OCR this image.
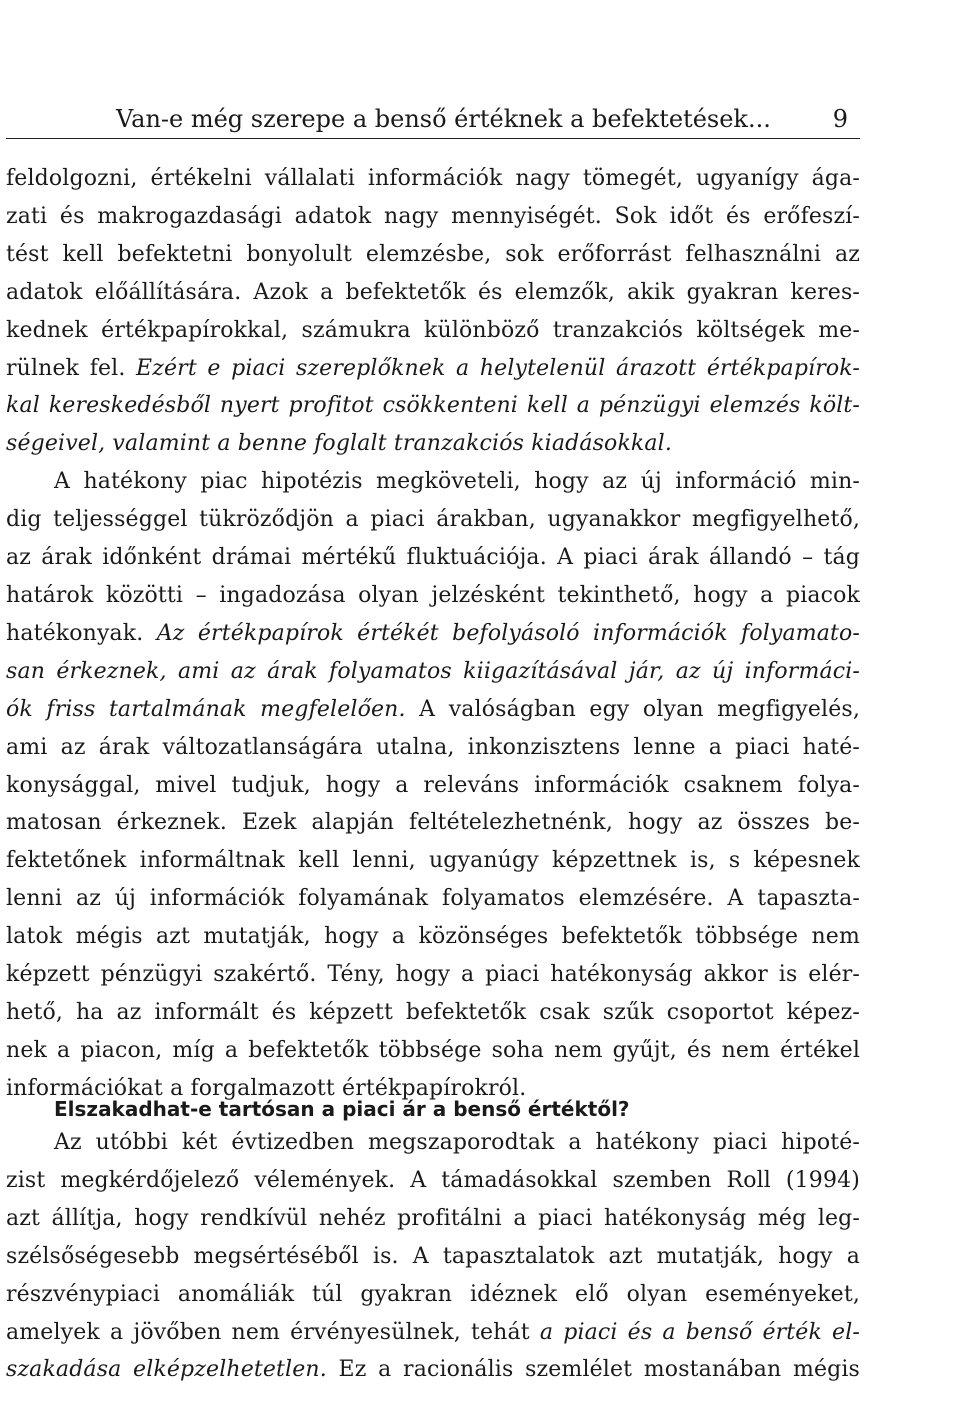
Van-e még szerepe a benső értéknek a befektetések...	9
feldolgozni, értékelni vállalati információk nagy tömegét, ugyanígy ága-
zati és makrogazdasági adatok nagy mennyiségét. Sok időt és erőfeszí-
tést kell befektetni bonyolult elemzésbe, sok erőforrást felhasználni az
adatok előállítására. Azok a befektetők és elemzők, akik gyakran keres-
kednek értékpapírokkal, számukra különböző tranzakciós költségek me-
rülnek fel. Ezért e piaci szereplőknek a helytelenül árazott értékpapírok-
kal kereskedésből nyert profitot csökkenteni kell a pénzügyi elemzés költ-
ségeivel, valamint a benne foglalt tranzakciós kiadásokkal.
A hatékony piac hipotézis megköveteli, hogy az új információ min-
dig teljességgel tükröződjön a piaci árakban, ugyanakkor megfigyelhető,
az árak időnként drámai mértékű fluktuációja. A piaci árak állandó – tág
határok közötti – ingadozása olyan jelzésként tekinthető, hogy a piacok
hatékonyak. Az értékpapírok értékét befolyásoló információk folyamato-
san érkeznek, ami az árak folyamatos kiigazításával jár, az új informáci-
ók friss tartalmának megfelelően. A valóságban egy olyan megfigyelés,
ami az árak változatlanságára utalna, inkonzisztens lenne a piaci haté-
konysággal, mivel tudjuk, hogy a releváns információk csaknem folya-
matosan érkeznek. Ezek alapján feltételezhetnénk, hogy az összes be-
fektetőnek informáltnak kell lenni, ugyanúgy képzettnek is, s képesnek
lenni az új információk folyamának folyamatos elemzésére. A tapaszta-
latok mégis azt mutatják, hogy a közönséges befektetők többsége nem
képzett pénzügyi szakértő. Tény, hogy a piaci hatékonyság akkor is elér-
hető, ha az informált és képzett befektetők csak szűk csoportot képez-
nek a piacon, míg a befektetők többsége soha nem gyűjt, és nem értékel
információkat a forgalmazott értékpapírokról.
Elszakadhat-e tartósan a piaci ár a benső értéktől?
Az utóbbi két évtizedben megszaporodtak a hatékony piaci hipoté-
zist megkérdőjelező vélemények. A támadásokkal szemben Roll (1994)
azt állítja, hogy rendkívül nehéz profitálni a piaci hatékonyság még leg-
szélsőségesebb megsértéséből is. A tapasztalatok azt mutatják, hogy a
részvénypiaci anomáliák túl gyakran idéznek elő olyan eseményeket,
amelyek a jövőben nem érvényesülnek, tehát a piaci és a benső érték el-
szakadása elképzelhetetlen. Ez a racionális szemlélet mostanában mégis
